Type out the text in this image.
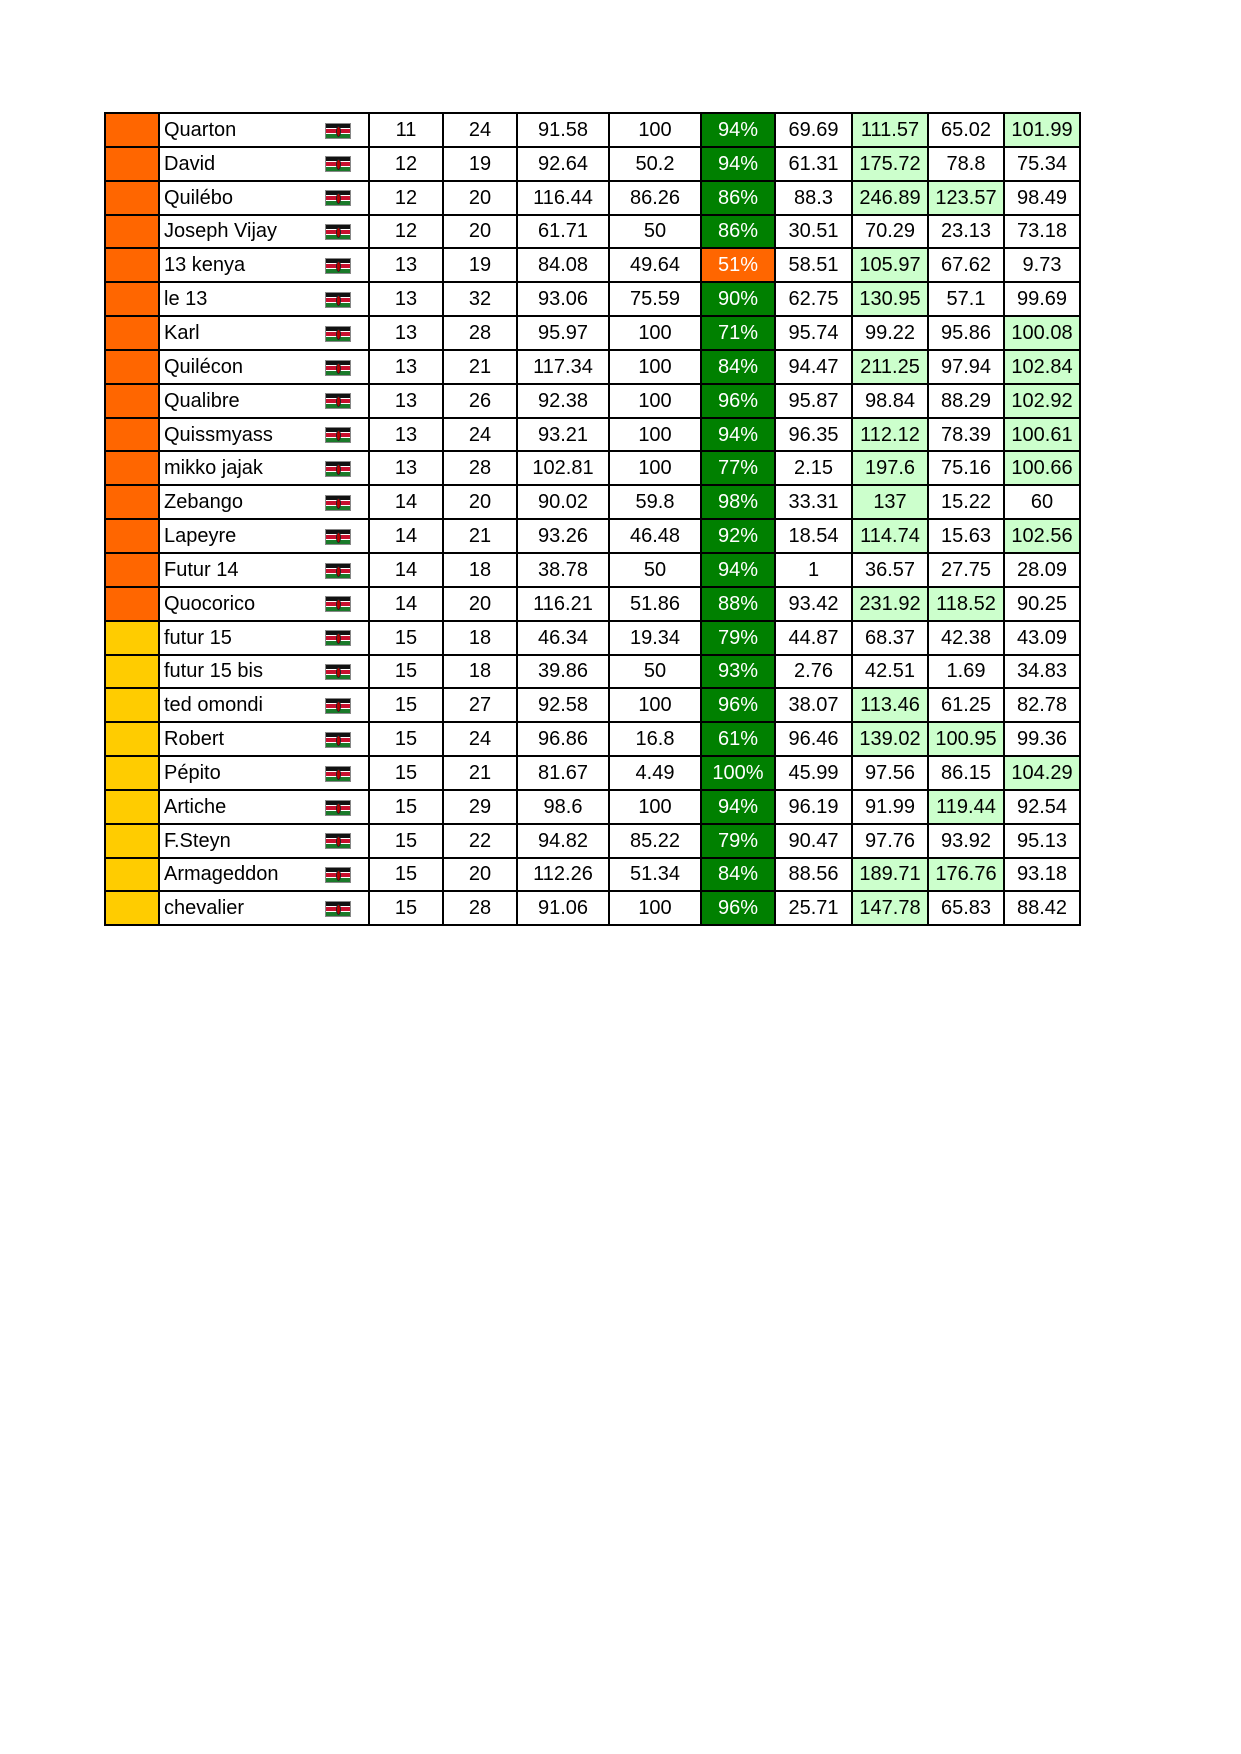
	Quarton			11	24	91.58	100	94%	69.69	111.57	65.02	101.99
	David			12	19	92.64	50.2	94%	61.31	175.72	78.8	75.34
	Quilébo			12	20	116.44	86.26	86%	88.3	246.89	123.57	98.49
	Joseph Vijay			12	20	61.71	50	86%	30.51	70.29	23.13	73.18
	13 kenya			13	19	84.08	49.64	51%	58.51	105.97	67.62	9.73
	le 13			13	32	93.06	75.59	90%	62.75	130.95	57.1	99.69
	Karl			13	28	95.97	100	71%	95.74	99.22	95.86	100.08
	Quilécon			13	21	117.34	100	84%	94.47	211.25	97.94	102.84
	Qualibre			13	26	92.38	100	96%	95.87	98.84	88.29	102.92
	Quissmyass			13	24	93.21	100	94%	96.35	112.12	78.39	100.61
	mikko jajak			13	28	102.81	100	77%	2.15	197.6	75.16	100.66
	Zebango			14	20	90.02	59.8	98%	33.31	137	15.22	60
	Lapeyre			14	21	93.26	46.48	92%	18.54	114.74	15.63	102.56
	Futur 14			14	18	38.78	50	94%	1	36.57	27.75	28.09
	Quocorico			14	20	116.21	51.86	88%	93.42	231.92	118.52	90.25
	futur 15			15	18	46.34	19.34	79%	44.87	68.37	42.38	43.09
	futur 15 bis			15	18	39.86	50	93%	2.76	42.51	1.69	34.83
	ted omondi			15	27	92.58	100	96%	38.07	113.46	61.25	82.78
	Robert			15	24	96.86	16.8	61%	96.46	139.02	100.95	99.36
	Pépito			15	21	81.67	4.49	100%	45.99	97.56	86.15	104.29
	Artiche			15	29	98.6	100	94%	96.19	91.99	119.44	92.54
	F.Steyn			15	22	94.82	85.22	79%	90.47	97.76	93.92	95.13
	Armageddon			15	20	112.26	51.34	84%	88.56	189.71	176.76	93.18
	chevalier			15	28	91.06	100	96%	25.71	147.78	65.83	88.42
